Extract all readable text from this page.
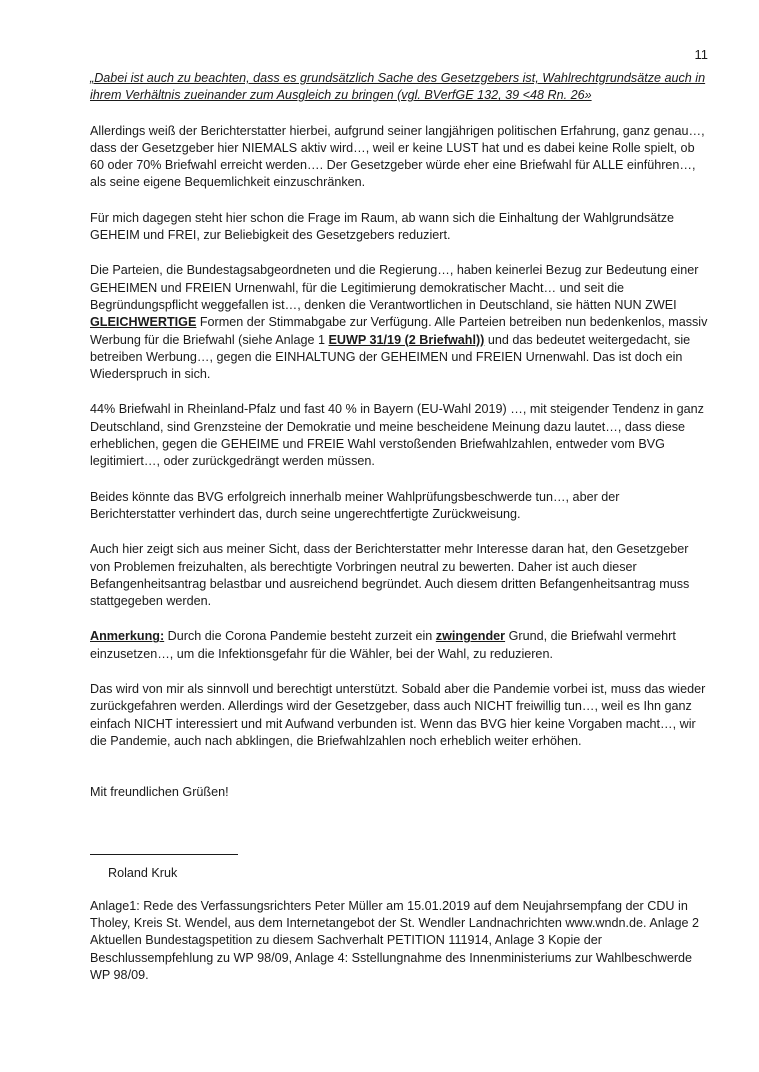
11

„Dabei ist auch zu beachten, dass es grundsätzlich Sache des Gesetzgebers ist, Wahlrechtgrundsätze auch in ihrem Verhältnis zueinander zum Ausgleich zu bringen (vgl. BVerfGE 132, 39 <48 Rn. 26»

Allerdings weiß der Berichterstatter hierbei, aufgrund seiner langjährigen politischen Erfahrung, ganz genau…, dass der Gesetzgeber hier NIEMALS aktiv wird…, weil er keine LUST hat und es dabei keine Rolle spielt, ob 60 oder 70% Briefwahl erreicht werden…. Der Gesetzgeber würde eher eine Briefwahl für ALLE einführen…, als seine eigene Bequemlichkeit einzuschränken.

Für mich dagegen steht hier schon die Frage im Raum, ab wann sich die Einhaltung der Wahlgrundsätze GEHEIM und FREI, zur Beliebigkeit des Gesetzgebers reduziert.

Die Parteien, die Bundestagsabgeordneten und die Regierung…, haben keinerlei Bezug zur Bedeutung einer GEHEIMEN und FREIEN Urnenwahl, für die Legitimierung demokratischer Macht… und seit die Begründungspflicht weggefallen ist…, denken die Verantwortlichen in Deutschland, sie hätten NUN ZWEI GLEICHWERTIGE Formen der Stimmabgabe zur Verfügung. Alle Parteien betreiben nun bedenkenlos, massiv Werbung für die Briefwahl (siehe Anlage 1 EUWP 31/19 (2 Briefwahl)) und das bedeutet weitergedacht, sie betreiben Werbung…, gegen die EINHALTUNG der GEHEIMEN und FREIEN Urnenwahl. Das ist doch ein Wiederspruch in sich.

44% Briefwahl in Rheinland-Pfalz und fast 40 % in Bayern (EU-Wahl 2019) …, mit steigender Tendenz in ganz Deutschland, sind Grenzsteine der Demokratie und meine bescheidene Meinung dazu lautet…, dass diese erheblichen, gegen die GEHEIME und FREIE Wahl verstoßenden Briefwahlzahlen, entweder vom BVG legitimiert…, oder zurückgedrängt werden müssen.

Beides könnte das BVG erfolgreich innerhalb meiner Wahlprüfungsbeschwerde tun…, aber der Berichterstatter verhindert das, durch seine ungerechtfertigte Zurückweisung.

Auch hier zeigt sich aus meiner Sicht, dass der Berichterstatter mehr Interesse daran hat, den Gesetzgeber von Problemen freizuhalten, als berechtigte Vorbringen neutral zu bewerten. Daher ist auch dieser Befangenheitsantrag belastbar und ausreichend begründet. Auch diesem dritten Befangenheitsantrag muss stattgegeben werden.

Anmerkung: Durch die Corona Pandemie besteht zurzeit ein zwingender Grund, die Briefwahl vermehrt einzusetzen…, um die Infektionsgefahr für die Wähler, bei der Wahl, zu reduzieren.

Das wird von mir als sinnvoll und berechtigt unterstützt. Sobald aber die Pandemie vorbei ist, muss das wieder zurückgefahren werden. Allerdings wird der Gesetzgeber, dass auch NICHT freiwillig tun…, weil es Ihn ganz einfach NICHT interessiert und mit Aufwand verbunden ist. Wenn das BVG hier keine Vorgaben macht…, wir die Pandemie, auch nach abklingen, die Briefwahlzahlen noch erheblich weiter erhöhen.

Mit freundlichen Grüßen!

Roland Kruk

Anlage1: Rede des Verfassungsrichters Peter Müller am 15.01.2019 auf dem Neujahrsempfang der CDU in Tholey, Kreis St. Wendel, aus dem Internetangebot der St. Wendler Landnachrichten www.wndn.de. Anlage 2 Aktuellen Bundestagspetition zu diesem Sachverhalt PETITION 111914, Anlage 3 Kopie der Beschlussempfehlung zu WP 98/09, Anlage 4: Sstellungnahme des Innenministeriums zur Wahlbeschwerde WP 98/09.
